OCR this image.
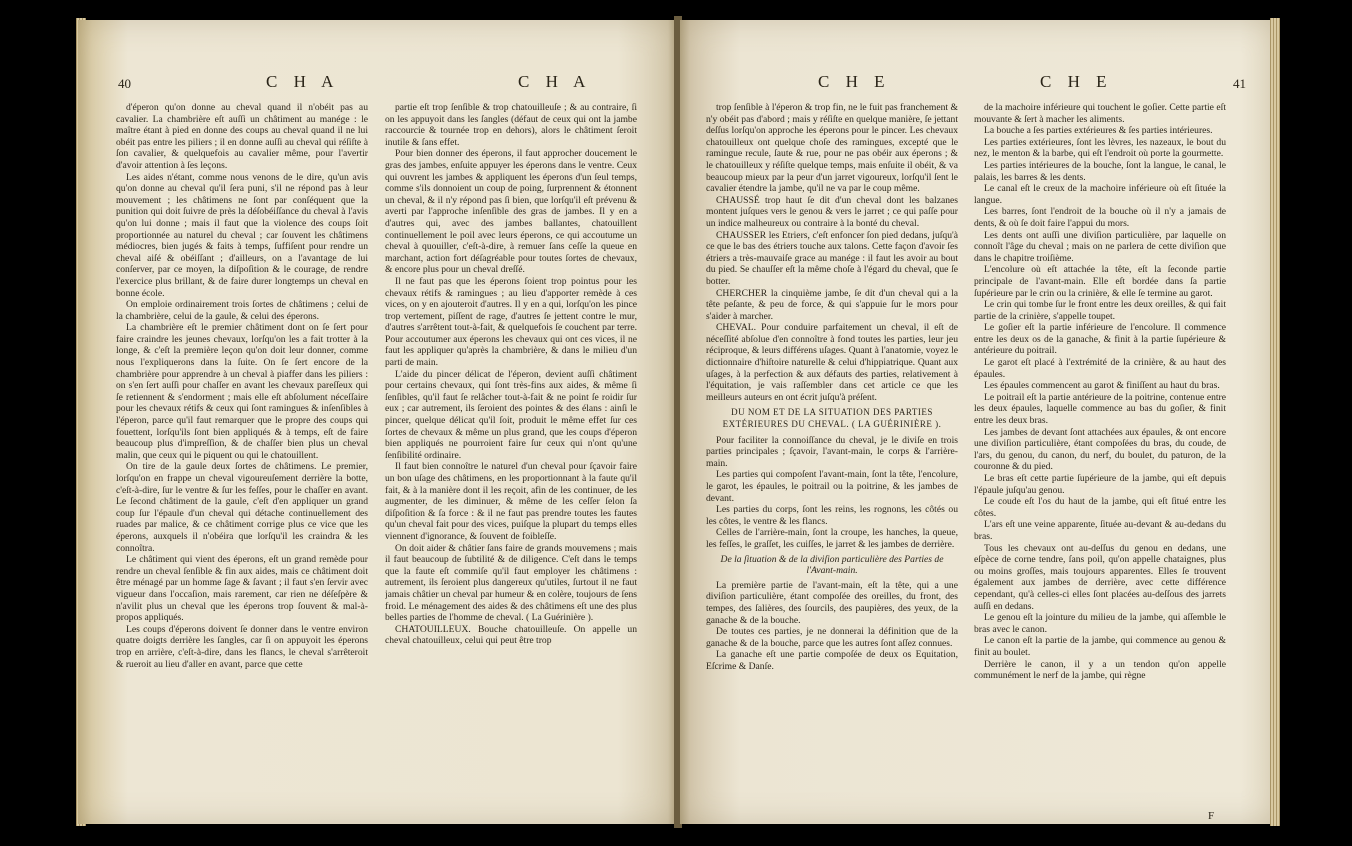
40	C H A	C H A

d'éperon qu'on donne au cheval quand il n'obéit pas au cavalier. La chambrière eſt auſſi un châtiment au manége : le maître étant à pied en donne des coups au cheval quand il ne lui obéit pas entre les piliers ; il en donne auſſi au cheval qui réſiſte à ſon cavalier, & quelquefois au cavalier même, pour l'avertir d'avoir attention à ſes leçons.

Les aides n'étant, comme nous venons de le dire, qu'un avis qu'on donne au cheval qu'il ſera puni, s'il ne répond pas à leur mouvement ; les châtimens ne ſont par conſéquent que la punition qui doit ſuivre de près la déſobéiſſance du cheval à l'avis qu'on lui donne ; mais il faut que la violence des coups ſoit proportionnée au naturel du cheval ; car ſouvent les châtimens médiocres, bien jugés & faits à temps, ſuffiſent pour rendre un cheval aiſé & obéiſſant ; d'ailleurs, on a l'avantage de lui conſerver, par ce moyen, la diſpoſition & le courage, de rendre l'exercice plus brillant, & de faire durer longtemps un cheval en bonne école.

On emploie ordinairement trois ſortes de châtimens ; celui de la chambrière, celui de la gaule, & celui des éperons.

La chambrière eſt le premier châtiment dont on ſe ſert pour faire craindre les jeunes chevaux, lorſqu'on les a fait trotter à la longe, & c'eſt la première leçon qu'on doit leur donner, comme nous l'expliquerons dans la ſuite. On ſe ſert encore de la chambrière pour apprendre à un cheval à piaffer dans les piliers : on s'en ſert auſſi pour chaſſer en avant les chevaux pareſſeux qui ſe retiennent & s'endorment ; mais elle eſt abſolument néceſſaire pour les chevaux rétifs & ceux qui ſont ramingues & inſenſibles à l'éperon, parce qu'il faut remarquer que le propre des coups qui fouettent, lorſqu'ils ſont bien appliqués & à temps, eſt de faire beaucoup plus d'impreſſion, & de chaſſer bien plus un cheval malin, que ceux qui le piquent ou qui le chatouillent.

On tire de la gaule deux ſortes de châtimens. Le premier, lorſqu'on en frappe un cheval vigoureuſement derrière la botte, c'eſt-à-dire, ſur le ventre & ſur les feſſes, pour le chaſſer en avant. Le ſecond châtiment de la gaule, c'eſt d'en appliquer un grand coup ſur l'épaule d'un cheval qui détache continuellement des ruades par malice, & ce châtiment corrige plus ce vice que les éperons, auxquels il n'obéira que lorſqu'il les craindra & les connoîtra.

Le châtiment qui vient des éperons, eſt un grand remède pour rendre un cheval ſenſible & fin aux aides, mais ce châtiment doit être ménagé par un homme ſage & ſavant ; il faut s'en ſervir avec vigueur dans l'occaſion, mais rarement, car rien ne déſeſpère & n'avilit plus un cheval que les éperons trop ſouvent & mal-à-propos appliqués.

Les coups d'éperons doivent ſe donner dans le ventre environ quatre doigts derrière les ſangles, car ſi on appuyoit les éperons trop en arrière, c'eſt-à-dire, dans les flancs, le cheval s'arrêteroit & rueroit au lieu d'aller en avant, parce que cette

partie eſt trop ſenſible & trop chatouilleuſe ; & au contraire, ſi on les appuyoit dans les ſangles (défaut de ceux qui ont la jambe raccourcie & tournée trop en dehors), alors le châtiment ſeroit inutile & ſans effet.

Pour bien donner des éperons, il faut approcher doucement le gras des jambes, enſuite appuyer les éperons dans le ventre. Ceux qui ouvrent les jambes & appliquent les éperons d'un ſeul temps, comme s'ils donnoient un coup de poing, ſurprennent & étonnent un cheval, & il n'y répond pas ſi bien, que lorſqu'il eſt prévenu & averti par l'approche inſenſible des gras de jambes. Il y en a d'autres qui, avec des jambes ballantes, chatouillent continuellement le poil avec leurs éperons, ce qui accoutume un cheval à quouiller, c'eſt-à-dire, à remuer ſans ceſſe la queue en marchant, action fort déſagréable pour toutes ſortes de chevaux, & encore plus pour un cheval dreſſé.

Il ne faut pas que les éperons ſoient trop pointus pour les chevaux rétifs & ramingues ; au lieu d'apporter remède à ces vices, on y en ajouteroit d'autres. Il y en a qui, lorſqu'on les pince trop vertement, piſſent de rage, d'autres ſe jettent contre le mur, d'autres s'arrêtent tout-à-fait, & quelquefois ſe couchent par terre. Pour accoutumer aux éperons les chevaux qui ont ces vices, il ne faut les appliquer qu'après la chambrière, & dans le milieu d'un parti de main.

L'aide du pincer délicat de l'éperon, devient auſſi châtiment pour certains chevaux, qui ſont très-fins aux aides, & même ſi ſenſibles, qu'il faut ſe relâcher tout-à-fait & ne point ſe roidir ſur eux ; car autrement, ils ſeroient des pointes & des élans : ainſi le pincer, quelque délicat qu'il ſoit, produit le même effet ſur ces ſortes de chevaux & même un plus grand, que les coups d'éperon bien appliqués ne pourroient faire ſur ceux qui n'ont qu'une ſenſibilité ordinaire.

Il faut bien connoître le naturel d'un cheval pour ſçavoir faire un bon uſage des châtimens, en les proportionnant à la faute qu'il fait, & à la manière dont il les reçoit, afin de les continuer, de les augmenter, de les diminuer, & même de les ceſſer ſelon ſa diſpoſition & ſa force : & il ne faut pas prendre toutes les fautes qu'un cheval fait pour des vices, puiſque la plupart du temps elles viennent d'ignorance, & ſouvent de foibleſſe.

On doit aider & châtier ſans faire de grands mouvemens ; mais il faut beaucoup de ſubtilité & de diligence. C'eſt dans le temps que la faute eſt commiſe qu'il faut employer les châtimens : autrement, ils ſeroient plus dangereux qu'utiles, ſurtout il ne faut jamais châtier un cheval par humeur & en colère, toujours de ſens froid. Le ménagement des aides & des châtimens eſt une des plus belles parties de l'homme de cheval. ( La Guérinière ).

CHATOUILLEUX. Bouche chatouilleuſe. On appelle un cheval chatouilleux, celui qui peut être trop

C H E	C H E	41

trop ſenſible à l'éperon & trop fin, ne le fuit pas franchement & n'y obéit pas d'abord ; mais y réſiſte en quelque manière, ſe jettant deſſus lorſqu'on approche les éperons pour le pincer. Les chevaux chatouilleux ont quelque choſe des ramingues, excepté que le ramingue recule, ſaute & rue, pour ne pas obéir aux éperons ; & le chatouilleux y réſiſte quelque temps, mais enſuite il obéit, & va beaucoup mieux par la peur d'un jarret vigoureux, lorſqu'il ſent le cavalier étendre la jambe, qu'il ne va par le coup même.

CHAUSSÉ trop haut ſe dit d'un cheval dont les balzanes montent juſques vers le genou & vers le jarret ; ce qui paſſe pour un indice malheureux ou contraire à la bonté du cheval.

CHAUSSER les Etriers, c'eſt enfoncer ſon pied dedans, juſqu'à ce que le bas des étriers touche aux talons. Cette façon d'avoir ſes étriers a très-mauvaiſe grace au manége : il faut les avoir au bout du pied. Se chauſſer eſt la même choſe à l'égard du cheval, que ſe botter.

CHERCHER la cinquième jambe, ſe dit d'un cheval qui a la tête peſante, & peu de force, & qui s'appuie ſur le mors pour s'aider à marcher.

CHEVAL. Pour conduire parfaitement un cheval, il eſt de néceſſité abſolue d'en connoître à fond toutes les parties, leur jeu réciproque, & leurs différens uſages. Quant à l'anatomie, voyez le dictionnaire d'hiſtoire naturelle & celui d'hippiatrique. Quant aux uſages, à la perfection & aux défauts des parties, relativement à l'équitation, je vais raſſembler dans cet article ce que les meilleurs auteurs en ont écrit juſqu'à préſent.

DU NOM ET DE LA SITUATION DES PARTIES EXTÉRIEURES DU CHEVAL. ( LA GUÉRINIÈRE ).

Pour faciliter la connoiſſance du cheval, je le diviſe en trois parties principales ; ſçavoir, l'avant-main, le corps & l'arrière-main.

Les parties qui compoſent l'avant-main, ſont la tête, l'encolure, le garot, les épaules, le poitrail ou la poitrine, & les jambes de devant.

Les parties du corps, ſont les reins, les rognons, les côtés ou les côtes, le ventre & les flancs.

Celles de l'arrière-main, ſont la croupe, les hanches, la queue, les feſſes, le graſſet, les cuiſſes, le jarret & les jambes de derrière.

De la ſituation & de la diviſion particulière des Parties de l'Avant-main.

La première partie de l'avant-main, eſt la tête, qui a une diviſion particulière, étant compoſée des oreilles, du front, des tempes, des ſalières, des ſourcils, des paupières, des yeux, de la ganache & de la bouche.

De toutes ces parties, je ne donnerai la définition que de la ganache & de la bouche, parce que les autres ſont aſſez connues.

La ganache eſt une partie compoſée de deux os Equitation, Eſcrime & Danſe.

de la machoire inférieure qui touchent le goſier. Cette partie eſt mouvante & ſert à macher les aliments.

La bouche a ſes parties extérieures & ſes parties intérieures.

Les parties extérieures, ſont les lèvres, les nazeaux, le bout du nez, le menton & la barbe, qui eſt l'endroit où porte la gourmette.

Les parties intérieures de la bouche, ſont la langue, le canal, le palais, les barres & les dents.

Le canal eſt le creux de la machoire inférieure où eſt ſituée la langue.

Les barres, ſont l'endroit de la bouche où il n'y a jamais de dents, & où ſe doit faire l'appui du mors.

Les dents ont auſſi une diviſion particulière, par laquelle on connoît l'âge du cheval ; mais on ne parlera de cette diviſion que dans le chapitre troiſième.

L'encolure où eſt attachée la tête, eſt la ſeconde partie principale de l'avant-main. Elle eſt bordée dans ſa partie ſupérieure par le crin ou la crinière, & elle ſe termine au garot.

Le crin qui tombe ſur le front entre les deux oreilles, & qui fait partie de la crinière, s'appelle toupet.

Le goſier eſt la partie inférieure de l'encolure. Il commence entre les deux os de la ganache, & finit à la partie ſupérieure & antérieure du poitrail.

Le garot eſt placé à l'extrémité de la crinière, & au haut des épaules.

Les épaules commencent au garot & finiſſent au haut du bras.

Le poitrail eſt la partie antérieure de la poitrine, contenue entre les deux épaules, laquelle commence au bas du goſier, & finit entre les deux bras.

Les jambes de devant ſont attachées aux épaules, & ont encore une diviſion particulière, étant compoſées du bras, du coude, de l'ars, du genou, du canon, du nerf, du boulet, du paturon, de la couronne & du pied.

Le bras eſt cette partie ſupérieure de la jambe, qui eſt depuis l'épaule juſqu'au genou.

Le coude eſt l'os du haut de la jambe, qui eſt ſitué entre les côtes.

L'ars eſt une veine apparente, ſituée au-devant & au-dedans du bras.

Tous les chevaux ont au-deſſus du genou en dedans, une eſpèce de corne tendre, ſans poil, qu'on appelle chataignes, plus ou moins groſſes, mais toujours apparentes. Elles ſe trouvent également aux jambes de derrière, avec cette différence cependant, qu'à celles-ci elles ſont placées au-deſſous des jarrets auſſi en dedans.

Le genou eſt la jointure du milieu de la jambe, qui aſſemble le bras avec le canon.

Le canon eſt la partie de la jambe, qui commence au genou & finit au boulet.

Derrière le canon, il y a un tendon qu'on appelle communément le nerf de la jambe, qui règne

F
